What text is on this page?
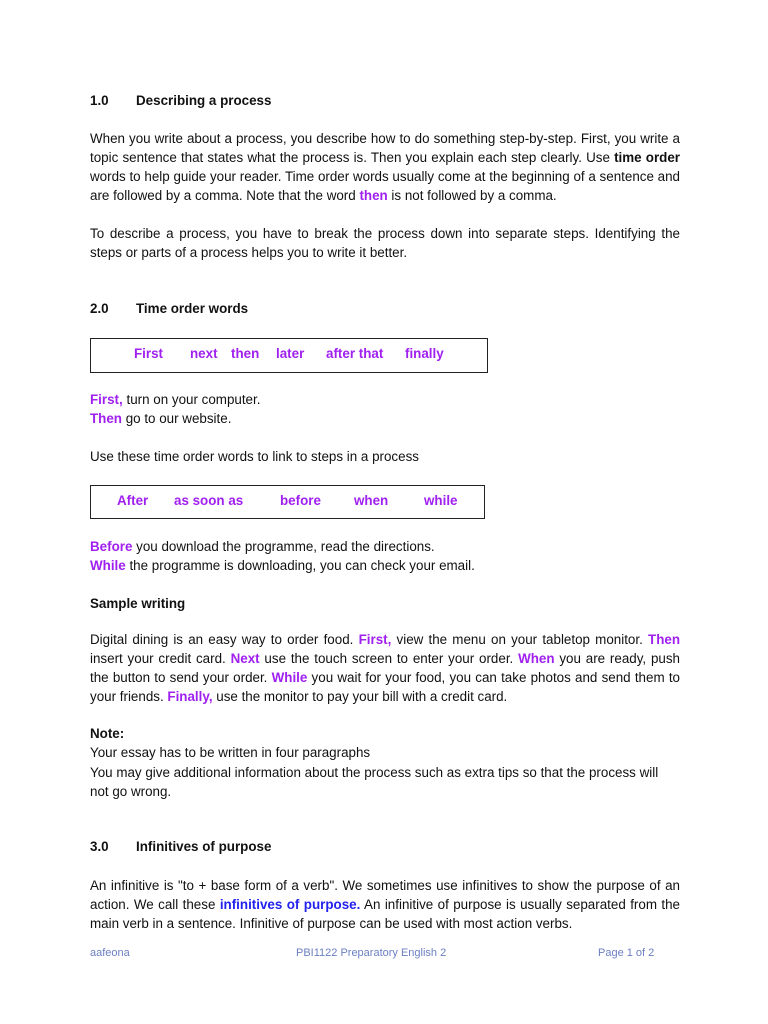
1.0 Describing a process
When you write about a process, you describe how to do something step-by-step. First, you write a topic sentence that states what the process is. Then you explain each step clearly. Use time order words to help guide your reader. Time order words usually come at the beginning of a sentence and are followed by a comma. Note that the word then is not followed by a comma.
To describe a process, you have to break the process down into separate steps. Identifying the steps or parts of a process helps you to write it better.
2.0 Time order words
First next then later after that finally
First, turn on your computer.
Then go to our website.
Use these time order words to link to steps in a process
After as soon as	before when	while
Before you download the programme, read the directions.
While the programme is downloading, you can check your email.
Sample writing
Digital dining is an easy way to order food. First, view the menu on your tabletop monitor. Then insert your credit card. Next use the touch screen to enter your order. When you are ready, push the button to send your order. While you wait for your food, you can take photos and send them to your friends. Finally, use the monitor to pay your bill with a credit card.
Note:
Your essay has to be written in four paragraphs
You may give additional information about the process such as extra tips so that the process will not go wrong.
3.0 Infinitives of purpose
An infinitive is "to + base form of a verb". We sometimes use infinitives to show the purpose of an action. We call these infinitives of purpose. An infinitive of purpose is usually separated from the main verb in a sentence. Infinitive of purpose can be used with most action verbs.
aafeona	PBI1122 Preparatory English 2	Page 1 of 2
